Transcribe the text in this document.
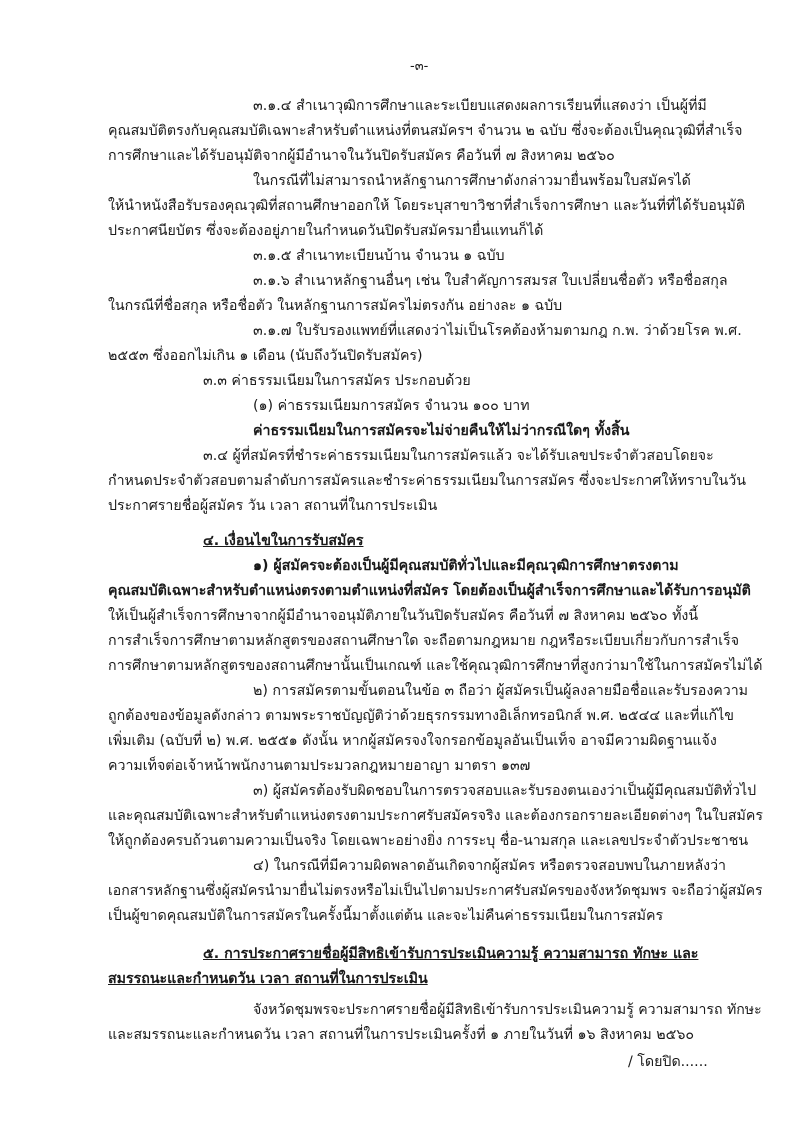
-๓-
๓.๑.๔ สำเนาวุฒิการศึกษาและระเบียบแสดงผลการเรียนที่แสดงว่า เป็นผู้ที่มี
คุณสมบัติตรงกับคุณสมบัติเฉพาะสำหรับตำแหน่งที่ตนสมัครฯ จำนวน ๒ ฉบับ ซึ่งจะต้องเป็นคุณวุฒิที่สำเร็จ
การศึกษาและได้รับอนุมัติจากผู้มีอำนาจในวันปิดรับสมัคร คือวันที่ ๗ สิงหาคม ๒๕๖๐
ในกรณีที่ไม่สามารถนำหลักฐานการศึกษาดังกล่าวมายื่นพร้อมใบสมัครได้
ให้นำหนังสือรับรองคุณวุฒิที่สถานศึกษาออกให้ โดยระบุสาขาวิชาที่สำเร็จการศึกษา และวันที่ที่ได้รับอนุมัติ
ประกาศนียบัตร ซึ่งจะต้องอยู่ภายในกำหนดวันปิดรับสมัครมายื่นแทนก็ได้
๓.๑.๕ สำเนาทะเบียนบ้าน จำนวน ๑ ฉบับ
๓.๑.๖ สำเนาหลักฐานอื่นๆ เช่น ใบสำคัญการสมรส ใบเปลี่ยนชื่อตัว หรือชื่อสกุล
ในกรณีที่ชื่อสกุล หรือชื่อตัว ในหลักฐานการสมัครไม่ตรงกัน อย่างละ ๑ ฉบับ
๓.๑.๗ ใบรับรองแพทย์ที่แสดงว่าไม่เป็นโรคต้องห้ามตามกฎ ก.พ. ว่าด้วยโรค พ.ศ.
๒๕๕๓ ซึ่งออกไม่เกิน ๑ เดือน (นับถึงวันปิดรับสมัคร)
๓.๓ ค่าธรรมเนียมในการสมัคร ประกอบด้วย
(๑) ค่าธรรมเนียมการสมัคร จำนวน ๑๐๐ บาท
ค่าธรรมเนียมในการสมัครจะไม่จ่ายคืนให้ไม่ว่ากรณีใดๆ ทั้งสิ้น
๓.๔ ผู้ที่สมัครที่ชำระค่าธรรมเนียมในการสมัครแล้ว จะได้รับเลขประจำตัวสอบโดยจะ
กำหนดประจำตัวสอบตามลำดับการสมัครและชำระค่าธรรมเนียมในการสมัคร ซึ่งจะประกาศให้ทราบในวัน
ประกาศรายชื่อผู้สมัคร วัน เวลา สถานที่ในการประเมิน
๔. เงื่อนไขในการรับสมัคร
๑) ผู้สมัครจะต้องเป็นผู้มีคุณสมบัติทั่วไปและมีคุณวุฒิการศึกษาตรงตาม
คุณสมบัติเฉพาะสำหรับตำแหน่งตรงตามตำแหน่งที่สมัคร โดยต้องเป็นผู้สำเร็จการศึกษาและได้รับการอนุมัติ
ให้เป็นผู้สำเร็จการศึกษาจากผู้มีอำนาจอนุมัติภายในวันปิดรับสมัคร คือวันที่ ๗ สิงหาคม ๒๕๖๐ ทั้งนี้
การสำเร็จการศึกษาตามหลักสูตรของสถานศึกษาใด จะถือตามกฎหมาย กฎหรือระเบียบเกี่ยวกับการสำเร็จ
การศึกษาตามหลักสูตรของสถานศึกษานั้นเป็นเกณฑ์ และใช้คุณวุฒิการศึกษาที่สูงกว่ามาใช้ในการสมัครไม่ได้
๒) การสมัครตามขั้นตอนในข้อ ๓ ถือว่า ผู้สมัครเป็นผู้ลงลายมือชื่อและรับรองความ
ถูกต้องของข้อมูลดังกล่าว ตามพระราชบัญญัติว่าด้วยธุรกรรมทางอิเล็กทรอนิกส์ พ.ศ. ๒๕๔๔ และที่แก้ไข
เพิ่มเติม (ฉบับที่ ๒) พ.ศ. ๒๕๕๑ ดังนั้น หากผู้สมัครจงใจกรอกข้อมูลอันเป็นเท็จ อาจมีความผิดฐานแจ้ง
ความเท็จต่อเจ้าหน้าพนักงานตามประมวลกฎหมายอาญา มาตรา ๑๓๗
๓) ผู้สมัครต้องรับผิดชอบในการตรวจสอบและรับรองตนเองว่าเป็นผู้มีคุณสมบัติทั่วไป
และคุณสมบัติเฉพาะสำหรับตำแหน่งตรงตามประกาศรับสมัครจริง และต้องกรอกรายละเอียดต่างๆ ในใบสมัคร
ให้ถูกต้องครบถ้วนตามความเป็นจริง โดยเฉพาะอย่างยิ่ง การระบุ ชื่อ-นามสกุล และเลขประจำตัวประชาชน
๔) ในกรณีที่มีความผิดพลาดอันเกิดจากผู้สมัคร หรือตรวจสอบพบในภายหลังว่า
เอกสารหลักฐานซึ่งผู้สมัครนำมายื่นไม่ตรงหรือไม่เป็นไปตามประกาศรับสมัครของจังหวัดชุมพร จะถือว่าผู้สมัคร
เป็นผู้ขาดคุณสมบัติในการสมัครในครั้งนี้มาตั้งแต่ต้น และจะไม่คืนค่าธรรมเนียมในการสมัคร
๕. การประกาศรายชื่อผู้มีสิทธิเข้ารับการประเมินความรู้ ความสามารถ ทักษะ และ
สมรรถนะและกำหนดวัน เวลา สถานที่ในการประเมิน
จังหวัดชุมพรจะประกาศรายชื่อผู้มีสิทธิเข้ารับการประเมินความรู้ ความสามารถ ทักษะ
และสมรรถนะและกำหนดวัน เวลา สถานที่ในการประเมินครั้งที่ ๑ ภายในวันที่ ๑๖ สิงหาคม ๒๕๖๐
/ โดยปิด......
